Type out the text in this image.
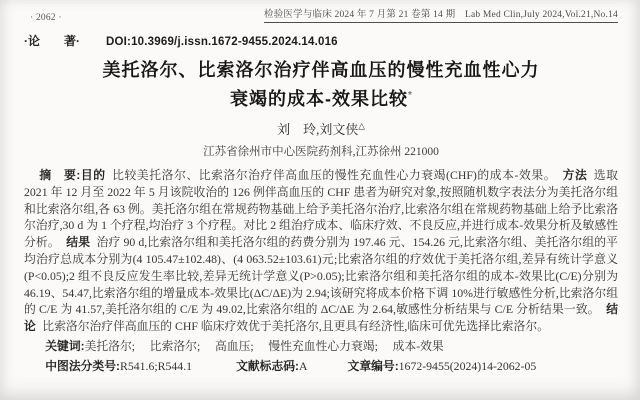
· 2062 ·	检验医学与临床 2024 年 7 月第 21 卷第 14 期　Lab Med Clin,July 2024,Vol.21,No.14
·论　　著· DOI:10.3969/j.issn.1672-9455.2024.14.016
美托洛尔、比索洛尔治疗伴高血压的慢性充血性心力
衰竭的成本-效果比较*
刘　玲,刘文侠△
江苏省徐州市中心医院药剂科,江苏徐州 221000

摘　要:目的 比较美托洛尔、比索洛尔治疗伴高血压的慢性充血性心力衰竭(CHF)的成本-效果。 方法 选取 2021 年 12 月至 2022 年 5 月该院收治的 126 例伴高血压的 CHF 患者为研究对象,按照随机数字表法分为美托洛尔组和比索洛尔组,各 63 例。美托洛尔组在常规药物基础上给予美托洛尔治疗,比索洛尔组在常规药物基础上给予比索洛尔治疗,30 d 为 1 个疗程,均治疗 3 个疗程。对比 2 组治疗成本、临床疗效、不良反应,并进行成本-效果分析及敏感性分析。 结果 治疗 90 d,比索洛尔组和美托洛尔组的药费分别为 197.46 元、154.26 元,比索洛尔组、美托洛尔组的平均治疗总成本分别为(4 105.47±102.48)、(4 063.52±103.61)元;比索洛尔组的疗效优于美托洛尔组,差异有统计学意义(P<0.05);2 组不良反应发生率比较,差异无统计学意义(P>0.05);比索洛尔组和美托洛尔组的成本-效果比(C/E)分别为 46.19、54.47,比索洛尔组的增量成本-效果比(ΔC/ΔE)为 2.94;该研究将成本价格下调 10%进行敏感性分析,比索洛尔组的 C/E 为 41.57,美托洛尔组的 C/E 为 49.02,比索洛尔组的 ΔC/ΔE 为 2.64,敏感性分析结果与 C/E 分析结果一致。 结论 比索洛尔治疗伴高血压的 CHF 临床疗效优于美托洛尔,且更具有经济性,临床可优先选择比索洛尔。

关键词:美托洛尔;　 比索洛尔;　 高血压;　 慢性充血性心力衰竭;　 成本-效果
中图法分类号:R541.6;R544.1	文献标志码:A	文章编号:1672-9455(2024)14-2062-05
